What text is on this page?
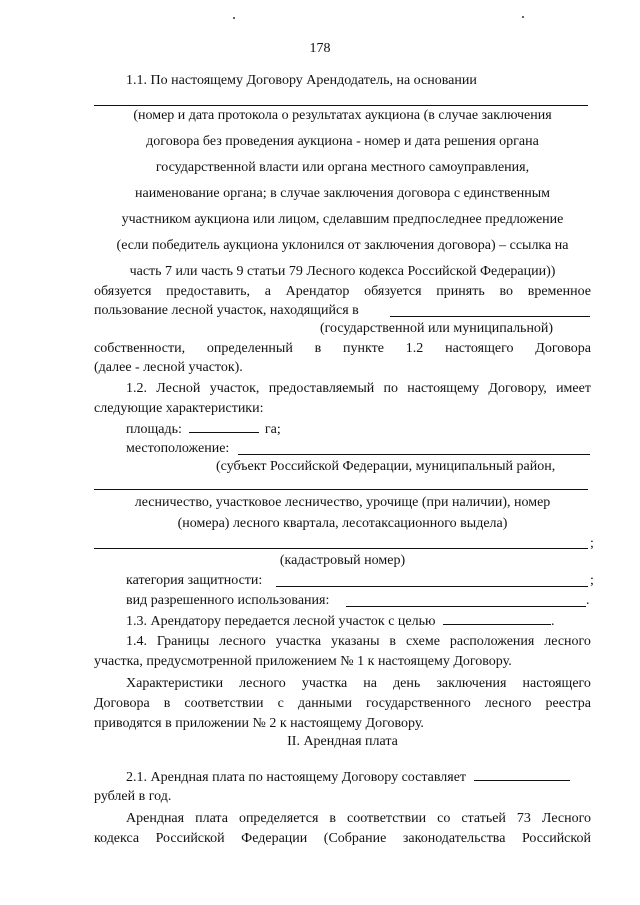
178
1.1. По настоящему Договору Арендодатель, на основании
(номер и дата протокола о результатах аукциона (в случае заключения
договора без проведения аукциона - номер и дата решения органа
государственной власти или органа местного самоуправления,
наименование органа; в случае заключения договора с единственным
участником аукциона или лицом, сделавшим предпоследнее предложение
(если победитель аукциона уклонился от заключения договора) – ссылка на
часть 7 или часть 9 статьи 79 Лесного кодекса Российской Федерации))
обязуется предоставить, а Арендатор обязуется принять во временное
пользование лесной участок, находящийся в
(государственной или муниципальной)
собственности, определенный в пункте 1.2 настоящего Договора
(далее - лесной участок).
1.2. Лесной участок, предоставляемый по настоящему Договору, имеет
следующие характеристики:
площадь:	га;
местоположение:
(субъект Российской Федерации, муниципальный район,
лесничество, участковое лесничество, урочище (при наличии), номер
(номера) лесного квартала, лесотаксационного выдела)
;
(кадастровый номер)
категория защитности:	;
вид разрешенного использования:	.
1.3. Арендатору передается лесной участок с целью	.
1.4. Границы лесного участка указаны в схеме расположения лесного
участка, предусмотренной приложением № 1 к настоящему Договору.
Характеристики лесного участка на день заключения настоящего
Договора в соответствии с данными государственного лесного реестра
приводятся в приложении № 2 к настоящему Договору.
II. Арендная плата
2.1. Арендная плата по настоящему Договору составляет
рублей в год.
Арендная плата определяется в соответствии со статьей 73 Лесного
кодекса Российской Федерации (Собрание законодательства Российской
